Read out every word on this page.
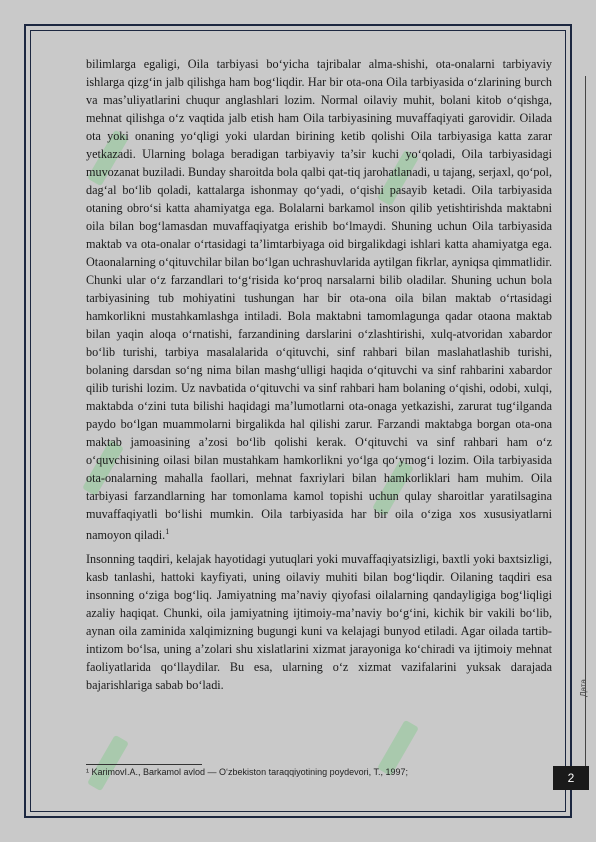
Дата

bilimlarga egaligi, Oila tarbiyasi bo‘yicha tajribalar alma-shishi, ota-onalarni tarbiyaviy ishlarga qizg‘in jalb qilishga ham bog‘liqdir. Har bir ota-ona Oila tarbiyasida o‘zlarining burch va mas’uliyatlarini chuqur anglashlari lozim. Normal oilaviy muhit, bolani kitob o‘qishga, mehnat qilishga o‘z vaqtida jalb etish ham Oila tarbiyasining muvaffaqiyati garovidir. Oilada ota yoki onaning yo‘qligi yoki ulardan birining ketib qolishi Oila tarbiyasiga katta zarar yetkazadi. Ularning bolaga beradigan tarbiyaviy ta’sir kuchi yo‘qoladi, Oila tarbiyasidagi muvozanat buziladi. Bunday sharoitda bola qalbi qat-tiq jarohatlanadi, u tajang, serjaxl, qo‘pol, dag‘al bo‘lib qoladi, kattalarga ishonmay qo‘yadi, o‘qishi pasayib ketadi. Oila tarbiyasida otaning obro‘si katta ahamiyatga ega. Bolalarni barkamol inson qilib yetishtirishda maktabni oila bilan bog‘lamasdan muvaffaqiyatga erishib bo‘lmaydi. Shuning uchun Oila tarbiyasida maktab va ota-onalar o‘rtasidagi ta’limtarbiyaga oid birgalikdagi ishlari katta ahamiyatga ega. Otaonalarning o‘qituvchilar bilan bo‘lgan uchrashuvlarida aytilgan fikrlar, ayniqsa qimmatlidir. Chunki ular o‘z farzandlari to‘g‘risida ko‘proq narsalarni bilib oladilar. Shuning uchun bola tarbiyasining tub mohiyatini tushungan har bir ota-ona oila bilan maktab o‘rtasidagi hamkorlikni mustahkamlashga intiladi. Bola maktabni tamomlagunga qadar otaona maktab bilan yaqin aloqa o‘rnatishi, farzandining darslarini o‘zlashtirishi, xulq-atvoridan xabardor bo‘lib turishi, tarbiya masalalarida o‘qituvchi, sinf rahbari bilan maslahatlashib turishi, bolaning darsdan so‘ng nima bilan mashg‘ulligi haqida o‘qituvchi va sinf rahbarini xabardor qilib turishi lozim. Uz navbatida o‘qituvchi va sinf rahbari ham bolaning o‘qishi, odobi, xulqi, maktabda o‘zini tuta bilishi haqidagi ma’lumotlarni ota-onaga yetkazishi, zarurat tug‘ilganda paydo bo‘lgan muammolarni birgalikda hal qilishi zarur. Farzandi maktabga borgan ota-ona maktab jamoasining a’zosi bo‘lib qolishi kerak. O‘qituvchi va sinf rahbari ham o‘z o‘quvchisining oilasi bilan mustahkam hamkorlikni yo‘lga qo‘ymog‘i lozim. Oila tarbiyasida ota-onalarning mahalla faollari, mehnat faxriylari bilan hamkorliklari ham muhim. Oila tarbiyasi farzandlarning har tomonlama kamol topishi uchun qulay sharoitlar yaratilsagina muvaffaqiyatli bo‘lishi mumkin. Oila tarbiyasida har bir oila o‘ziga xos xususiyatlarni namoyon qiladi.$^1$

Insonning taqdiri, kelajak hayotidagi yutuqlari yoki muvaffaqiyatsizligi, baxtli yoki baxtsizligi, kasb tanlashi, hattoki kayfiyati, uning oilaviy muhiti bilan bog‘liqdir. Oilaning taqdiri esa insonning o‘ziga bog‘liq. Jamiyatning ma’naviy qiyofasi oilalarning qandayligiga bog‘liqligi azaliy haqiqat. Chunki, oila jamiyatning ijtimoiy-ma’naviy bo‘g‘ini, kichik bir vakili bo‘lib, aynan oila zaminida xalqimizning bugungi kuni va kelajagi bunyod etiladi. Agar oilada tartib-intizom bo‘lsa, uning a’zolari shu xislatlarini xizmat jarayoniga ko‘chiradi va ijtimoiy mehnat faoliyatlarida qo‘llaydilar. Bu esa, ularning o‘z xizmat vazifalarini yuksak darajada bajarishlariga sabab bo‘ladi.

¹ Karimov‏I.A., Barkamol avlod — O‘zbekiston taraqqiyotining poydevori, T., 1997;	2
